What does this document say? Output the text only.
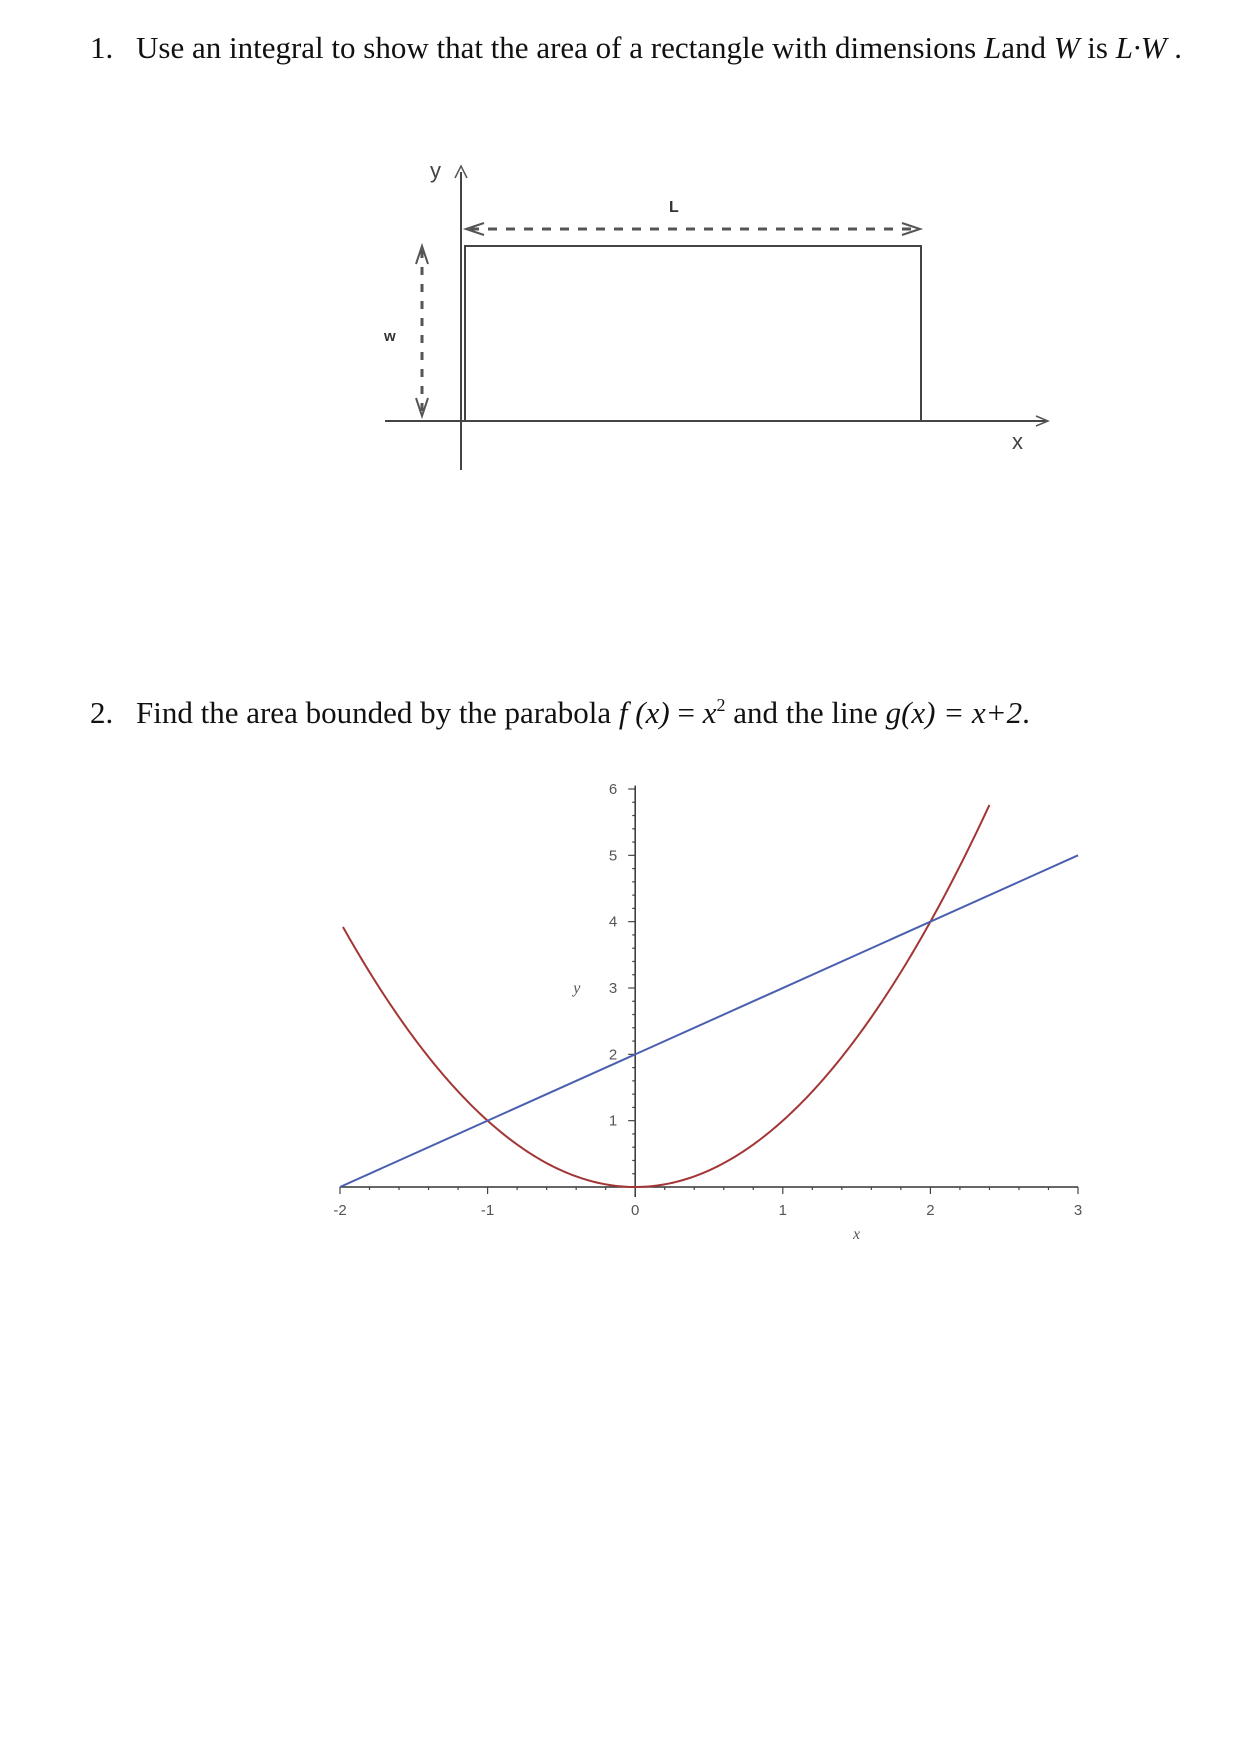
1. Use an integral to show that the area of a rectangle with dimensions Land W is L·W .
y
x
L
w
2. Find the area bounded by the parabola f $(x) = x^2$ and the line g(x) = x+2.
-2	-1	0	1	2	3
1
2
3
4
5
6
x
y
